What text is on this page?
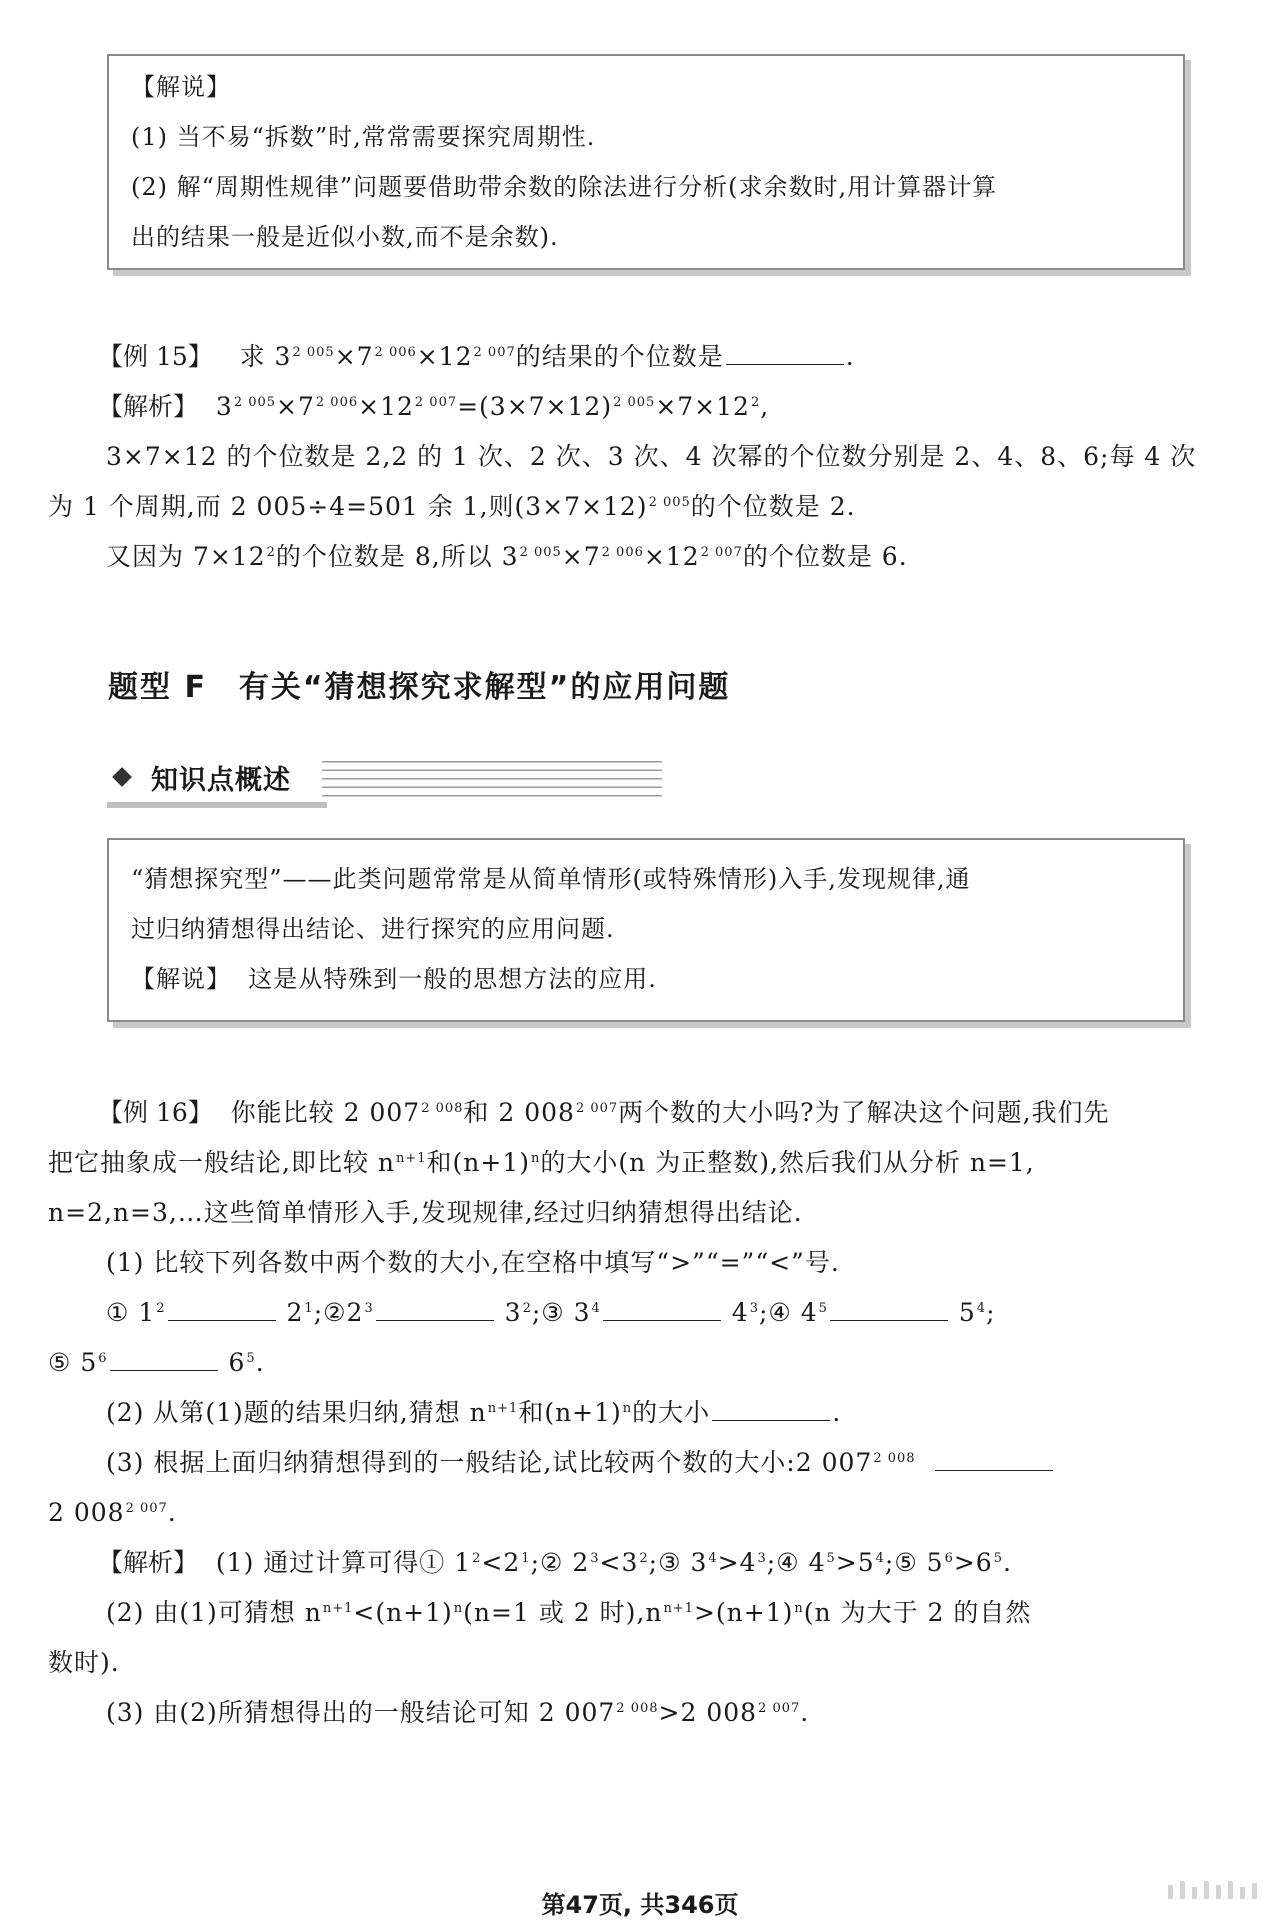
【解说】
(1) 当不易“拆数”时,常常需要探究周期性.
(2) 解“周期性规律”问题要借助带余数的除法进行分析(求余数时,用计算器计算
出的结果一般是近似小数,而不是余数).
【例 15】 求 $3^{2 005}\times 7^{2 006}\times 12^{2 007}$的结果的个位数是	.
【解析】 $3^{2 005}\times 7^{2 006}\times 12^{2 007}=(3\times 7\times 12)^{2 005}\times 7\times 12^2$,
3×7×12 的个位数是 2,2 的 1 次、2 次、3 次、4 次幂的个位数分别是 2、4、8、6;每 4 次
为 1 个周期,而 2 005÷4=501 余 1,则$(3\times 7\times 12)^{2 005}$的个位数是 2.
又因为 $7\times 12^2$的个位数是 8,所以 $3^{2 005}\times 7^{2 006}\times 12^{2 007}$的个位数是 6.
题型 F　有关“猜想探究求解型”的应用问题
知识点概述
“猜想探究型”——此类问题常常是从简单情形(或特殊情形)入手,发现规律,通
过归纳猜想得出结论、进行探究的应用问题.
【解说】 这是从特殊到一般的思想方法的应用.
【例 16】 你能比较 2 $007^{2 008}$和 2 $008^{2 007}$两个数的大小吗?为了解决这个问题,我们先
把它抽象成一般结论,即比较 $n^{n+1}$和$(n+1)^n$的大小(n 为正整数),然后我们从分析 n=1,
n=2,n=3,…这些简单情形入手,发现规律,经过归纳猜想得出结论.
(1) 比较下列各数中两个数的大小,在空格中填写“>”“=”“<”号.
① $1^2$	$2^1;②2^3$	$3^2;③$ $3^4$	$4^3;④$ $4^5$	$5^4$;
⑤ $5^6$	$6^5$.
(2) 从第(1)题的结果归纳,猜想 $n^{n+1}$和$(n+1)^n$的大小	.
(3) 根据上面归纳猜想得到的一般结论,试比较两个数的大小:2 $007^{2 008}$
2 $008^{2 007}$.
【解析】 (1) 通过计算可得① $1^2<2^1;②$ $2^3<3^2;③$ $3^4>4^3;④$ $4^5>5^4;⑤$ $5^6>6^5$.
(2) 由(1)可猜想 $n^{n+1}<(n+1)^n(n=1$ 或 2 时)$,n^{n+1}>(n+1)^n(n$ 为大于 2 的自然
数时).
(3) 由(2)所猜想得出的一般结论可知 2 $007^{2 008}>2$ $008^{2 007}$.
第47页, 共346页
